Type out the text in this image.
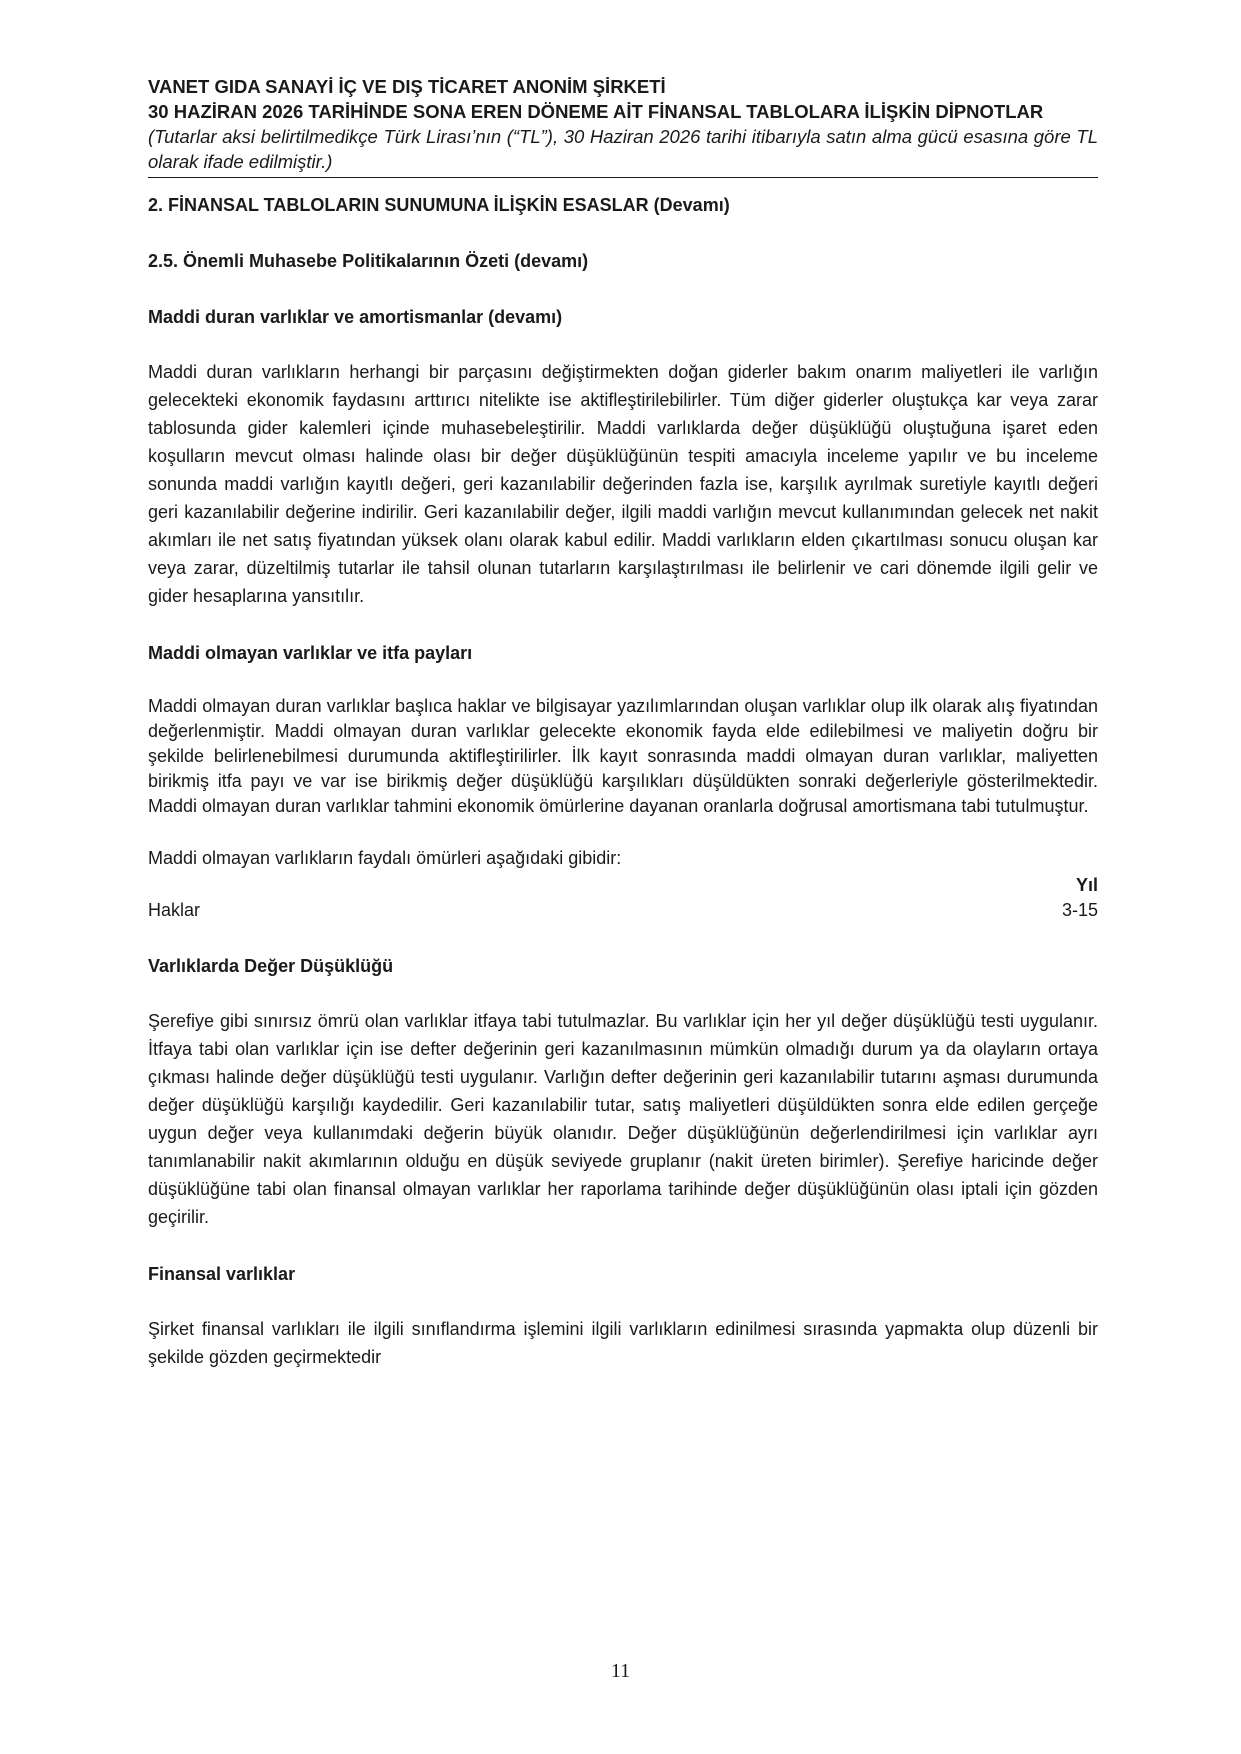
VANET GIDA SANAYİ İÇ VE DIŞ TİCARET ANONİM ŞİRKETİ

30 HAZİRAN 2026 TARİHİNDE SONA EREN DÖNEME AİT FİNANSAL TABLOLARA İLİŞKİN DİPNOTLAR

(Tutarlar aksi belirtilmedikçe Türk Lirası’nın (“TL”), 30 Haziran 2026 tarihi itibarıyla satın alma gücü esasına göre TL olarak ifade edilmiştir.)

2. FİNANSAL TABLOLARIN SUNUMUNA İLİŞKİN ESASLAR (Devamı)

2.5. Önemli Muhasebe Politikalarının Özeti (devamı)

Maddi duran varlıklar ve amortismanlar (devamı)

Maddi duran varlıkların herhangi bir parçasını değiştirmekten doğan giderler bakım onarım maliyetleri ile varlığın gelecekteki ekonomik faydasını arttırıcı nitelikte ise aktifleştirilebilirler. Tüm diğer giderler oluştukça kar veya zarar tablosunda gider kalemleri içinde muhasebeleştirilir. Maddi varlıklarda değer düşüklüğü oluştuğuna işaret eden koşulların mevcut olması halinde olası bir değer düşüklüğünün tespiti amacıyla inceleme yapılır ve bu inceleme sonunda maddi varlığın kayıtlı değeri, geri kazanılabilir değerinden fazla ise, karşılık ayrılmak suretiyle kayıtlı değeri geri kazanılabilir değerine indirilir. Geri kazanılabilir değer, ilgili maddi varlığın mevcut kullanımından gelecek net nakit akımları ile net satış fiyatından yüksek olanı olarak kabul edilir. Maddi varlıkların elden çıkartılması sonucu oluşan kar veya zarar, düzeltilmiş tutarlar ile tahsil olunan tutarların karşılaştırılması ile belirlenir ve cari dönemde ilgili gelir ve gider hesaplarına yansıtılır.

Maddi olmayan varlıklar ve itfa payları

Maddi olmayan duran varlıklar başlıca haklar ve bilgisayar yazılımlarından oluşan varlıklar olup ilk olarak alış fiyatından değerlenmiştir. Maddi olmayan duran varlıklar gelecekte ekonomik fayda elde edilebilmesi ve maliyetin doğru bir şekilde belirlenebilmesi durumunda aktifleştirilirler. İlk kayıt sonrasında maddi olmayan duran varlıklar, maliyetten birikmiş itfa payı ve var ise birikmiş değer düşüklüğü karşılıkları düşüldükten sonraki değerleriyle gösterilmektedir. Maddi olmayan duran varlıklar tahmini ekonomik ömürlerine dayanan oranlarla doğrusal amortismana tabi tutulmuştur.

Maddi olmayan varlıkların faydalı ömürleri aşağıdaki gibidir:

	Yıl
Haklar	3-15

Varlıklarda Değer Düşüklüğü

Şerefiye gibi sınırsız ömrü olan varlıklar itfaya tabi tutulmazlar. Bu varlıklar için her yıl değer düşüklüğü testi uygulanır. İtfaya tabi olan varlıklar için ise defter değerinin geri kazanılmasının mümkün olmadığı durum ya da olayların ortaya çıkması halinde değer düşüklüğü testi uygulanır. Varlığın defter değerinin geri kazanılabilir tutarını aşması durumunda değer düşüklüğü karşılığı kaydedilir. Geri kazanılabilir tutar, satış maliyetleri düşüldükten sonra elde edilen gerçeğe uygun değer veya kullanımdaki değerin büyük olanıdır. Değer düşüklüğünün değerlendirilmesi için varlıklar ayrı tanımlanabilir nakit akımlarının olduğu en düşük seviyede gruplanır (nakit üreten birimler). Şerefiye haricinde değer düşüklüğüne tabi olan finansal olmayan varlıklar her raporlama tarihinde değer düşüklüğünün olası iptali için gözden geçirilir.

Finansal varlıklar

Şirket finansal varlıkları ile ilgili sınıflandırma işlemini ilgili varlıkların edinilmesi sırasında yapmakta olup düzenli bir şekilde gözden geçirmektedir

11
